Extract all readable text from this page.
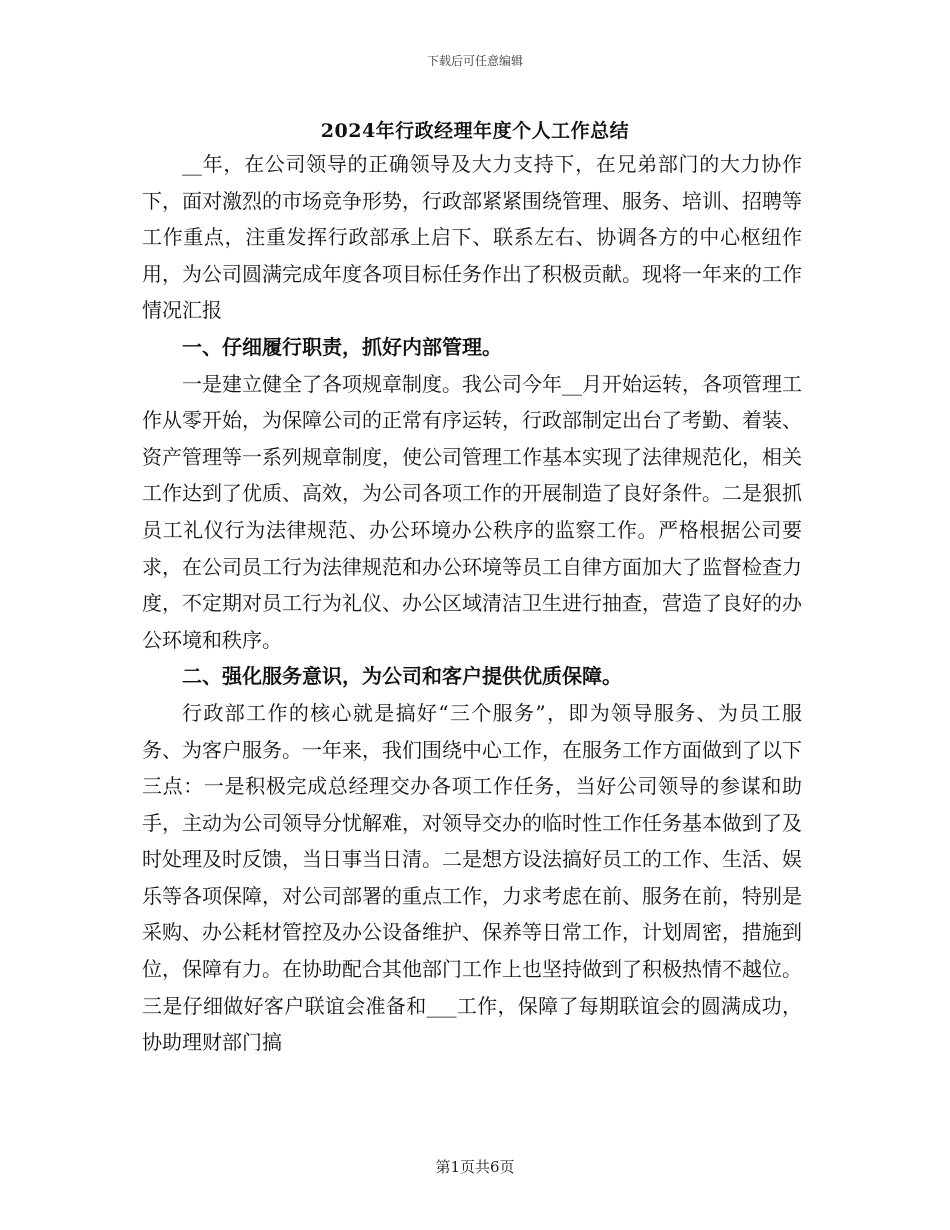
下载后可任意编辑
2024年行政经理年度个人工作总结

__年，在公司领导的正确领导及大力支持下，在兄弟部门的大力协作下，面对激烈的市场竞争形势，行政部紧紧围绕管理、服务、培训、招聘等工作重点，注重发挥行政部承上启下、联系左右、协调各方的中心枢纽作用，为公司圆满完成年度各项目标任务作出了积极贡献。现将一年来的工作情况汇报

一、仔细履行职责，抓好内部管理。

一是建立健全了各项规章制度。我公司今年__月开始运转，各项管理工作从零开始，为保障公司的正常有序运转，行政部制定出台了考勤、着装、资产管理等一系列规章制度，使公司管理工作基本实现了法律规范化，相关工作达到了优质、高效，为公司各项工作的开展制造了良好条件。二是狠抓员工礼仪行为法律规范、办公环境办公秩序的监察工作。严格根据公司要求，在公司员工行为法律规范和办公环境等员工自律方面加大了监督检查力度，不定期对员工行为礼仪、办公区域清洁卫生进行抽查，营造了良好的办公环境和秩序。

二、强化服务意识，为公司和客户提供优质保障。

行政部工作的核心就是搞好“三个服务”，即为领导服务、为员工服务、为客户服务。一年来，我们围绕中心工作，在服务工作方面做到了以下三点：一是积极完成总经理交办各项工作任务，当好公司领导的参谋和助手，主动为公司领导分忧解难，对领导交办的临时性工作任务基本做到了及时处理及时反馈，当日事当日清。二是想方设法搞好员工的工作、生活、娱乐等各项保障，对公司部署的重点工作，力求考虑在前、服务在前，特别是采购、办公耗材管控及办公设备维护、保养等日常工作，计划周密，措施到位，保障有力。在协助配合其他部门工作上也坚持做到了积极热情不越位。三是仔细做好客户联谊会准备和___工作，保障了每期联谊会的圆满成功，协助理财部门搞

第1页共6页
